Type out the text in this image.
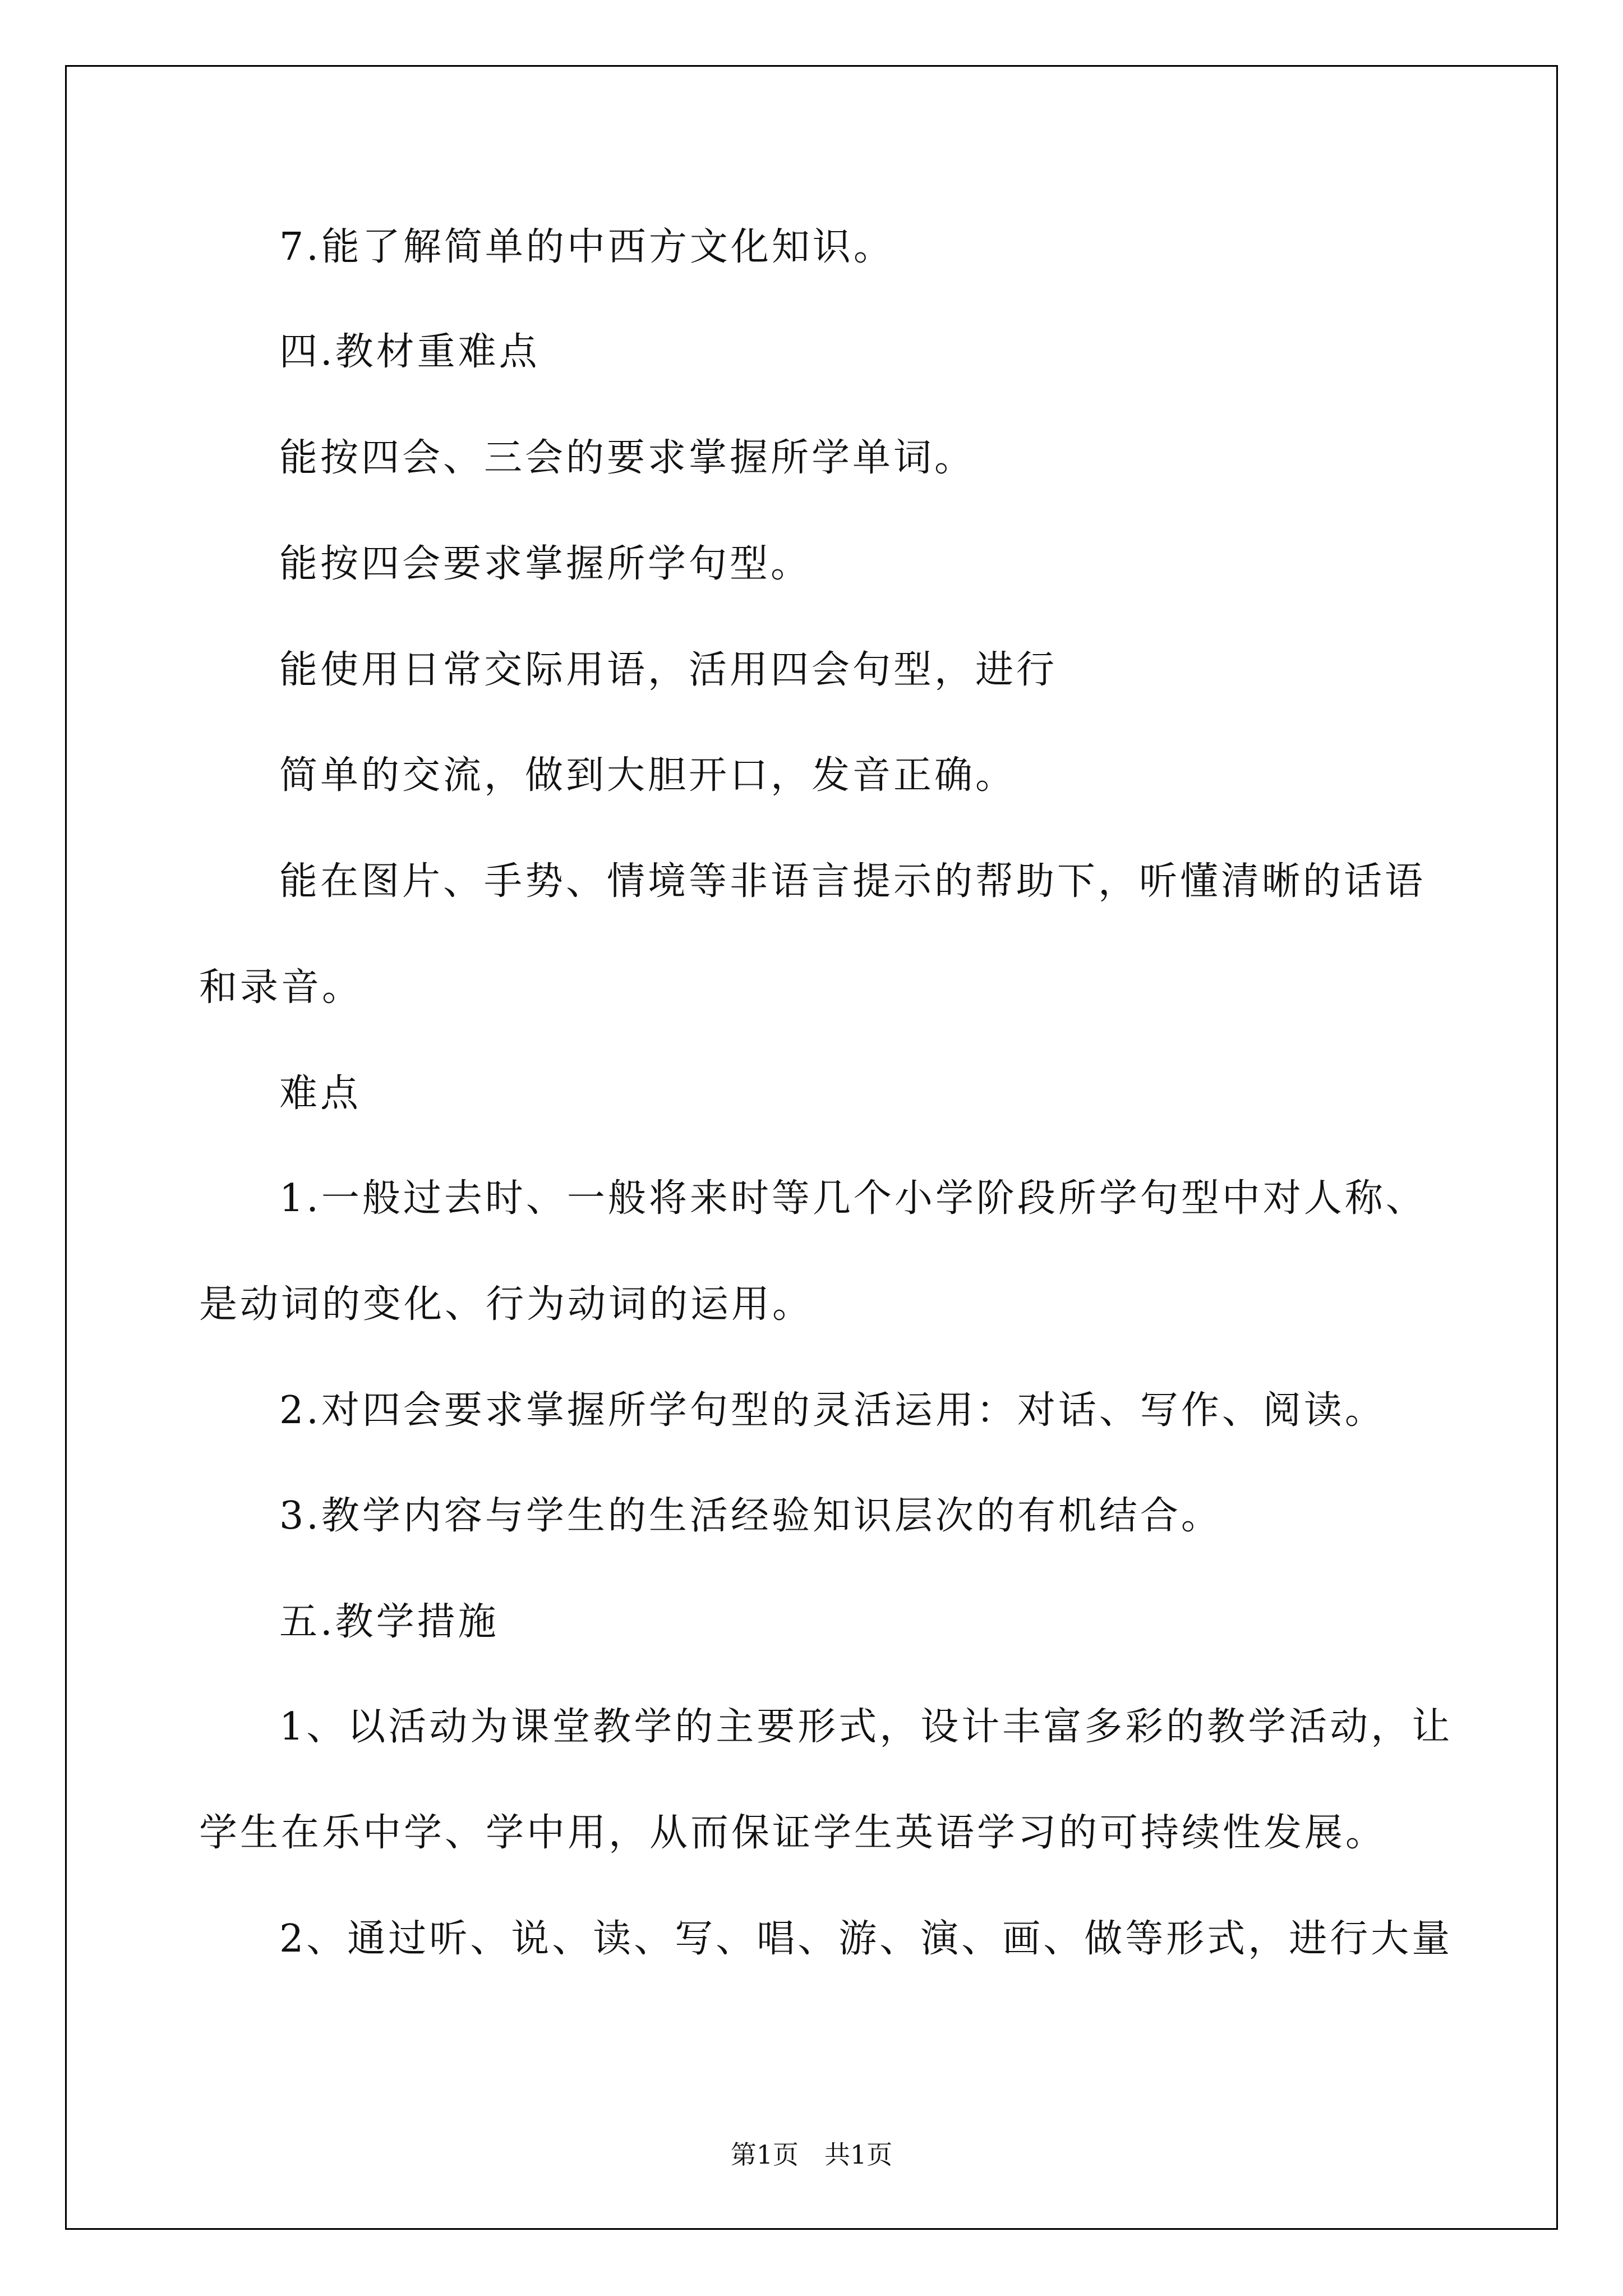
7.能了解简单的中西方文化知识。
四.教材重难点
能按四会、三会的要求掌握所学单词。
能按四会要求掌握所学句型。
能使用日常交际用语，活用四会句型，进行
简单的交流，做到大胆开口，发音正确。
能在图片、手势、情境等非语言提示的帮助下，听懂清晰的话语
和录音。
难点
1.一般过去时、一般将来时等几个小学阶段所学句型中对人称、
是动词的变化、行为动词的运用。
2.对四会要求掌握所学句型的灵活运用：对话、写作、阅读。
3.教学内容与学生的生活经验知识层次的有机结合。
五.教学措施
1、以活动为课堂教学的主要形式，设计丰富多彩的教学活动，让
学生在乐中学、学中用，从而保证学生英语学习的可持续性发展。
2、通过听、说、读、写、唱、游、演、画、做等形式，进行大量
第1页　共1页
